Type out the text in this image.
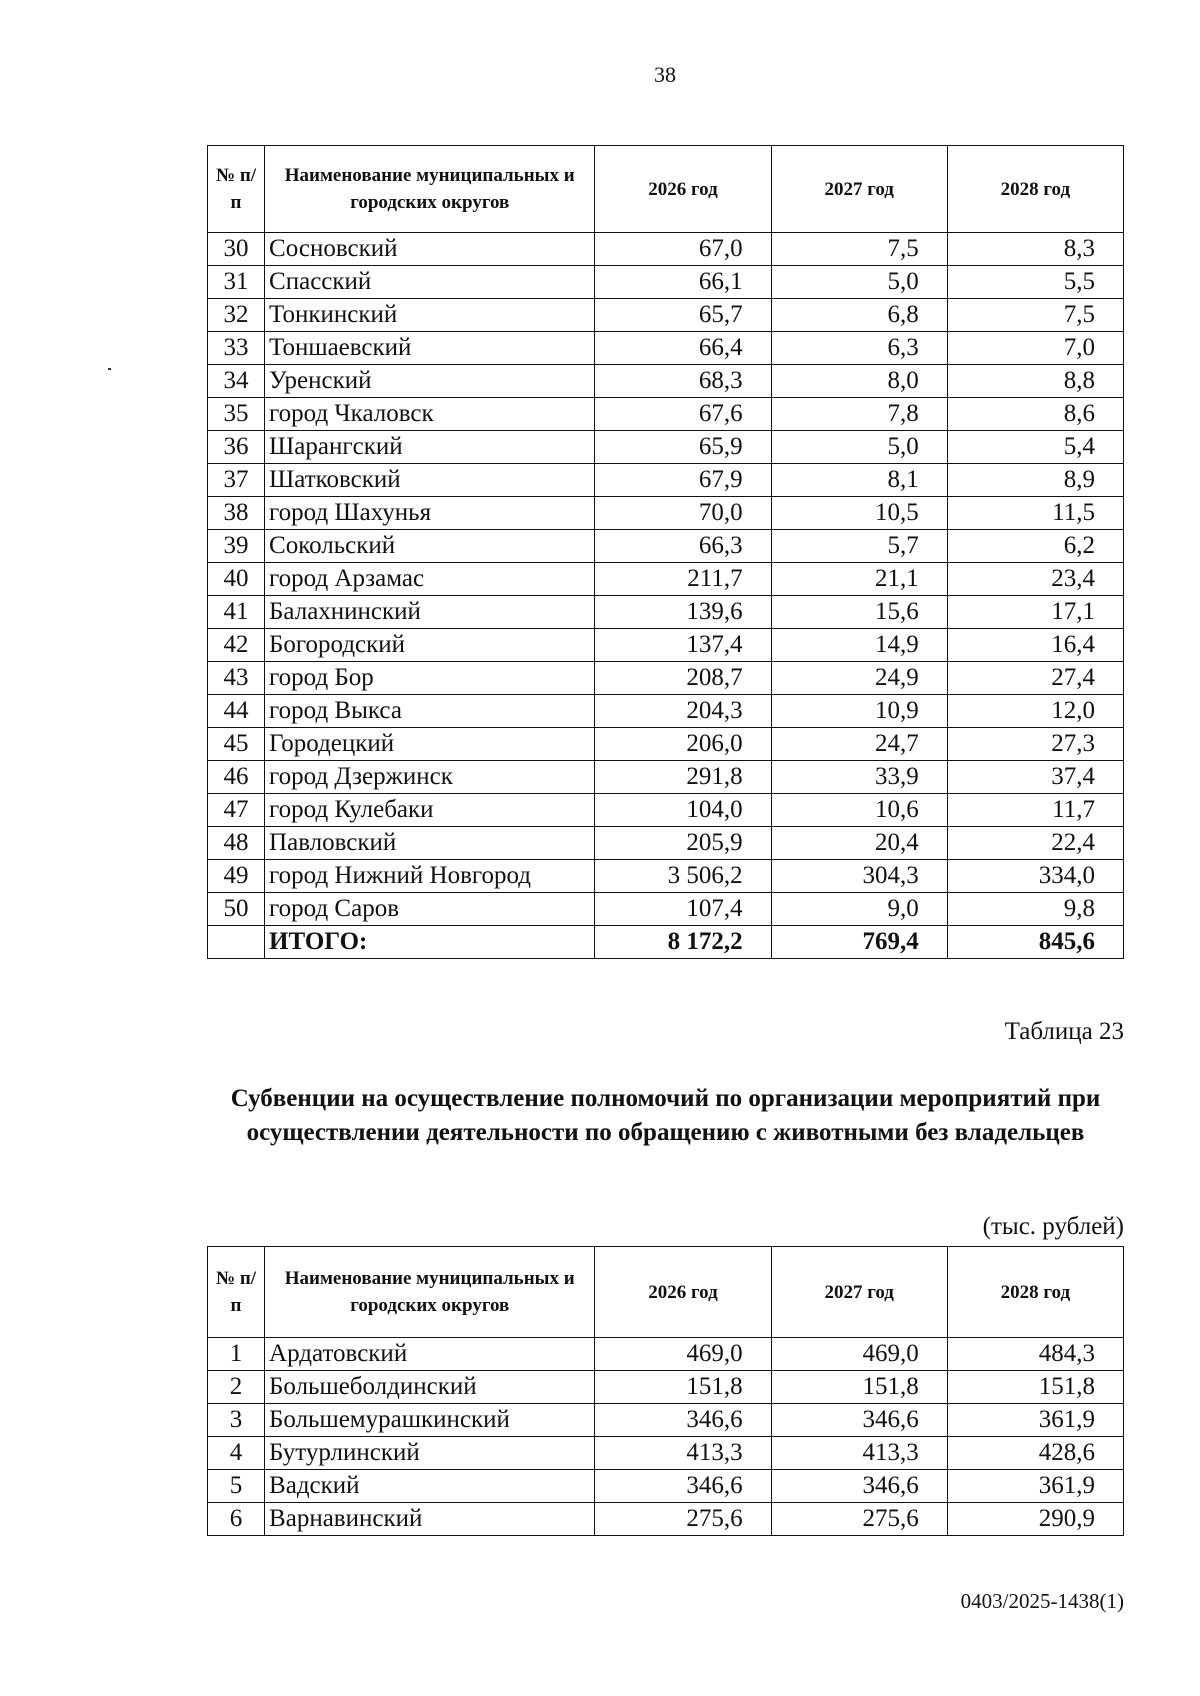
38
№ п/п	Наименование муниципальных и городских округов	2026 год	2027 год	2028 год
30	Сосновский	67,0	7,5	8,3
31	Спасский	66,1	5,0	5,5
32	Тонкинский	65,7	6,8	7,5
33	Тоншаевский	66,4	6,3	7,0
34	Уренский	68,3	8,0	8,8
35	город Чкаловск	67,6	7,8	8,6
36	Шарангский	65,9	5,0	5,4
37	Шатковский	67,9	8,1	8,9
38	город Шахунья	70,0	10,5	11,5
39	Сокольский	66,3	5,7	6,2
40	город Арзамас	211,7	21,1	23,4
41	Балахнинский	139,6	15,6	17,1
42	Богородский	137,4	14,9	16,4
43	город Бор	208,7	24,9	27,4
44	город Выкса	204,3	10,9	12,0
45	Городецкий	206,0	24,7	27,3
46	город Дзержинск	291,8	33,9	37,4
47	город Кулебаки	104,0	10,6	11,7
48	Павловский	205,9	20,4	22,4
49	город Нижний Новгород	3 506,2	304,3	334,0
50	город Саров	107,4	9,0	9,8
	ИТОГО:	8 172,2	769,4	845,6
Таблица 23
Субвенции на осуществление полномочий по организации мероприятий при осуществлении деятельности по обращению с животными без владельцев
(тыс. рублей)
№ п/п	Наименование муниципальных и городских округов	2026 год	2027 год	2028 год
1	Ардатовский	469,0	469,0	484,3
2	Большеболдинский	151,8	151,8	151,8
3	Большемурашкинский	346,6	346,6	361,9
4	Бутурлинский	413,3	413,3	428,6
5	Вадский	346,6	346,6	361,9
6	Варнавинский	275,6	275,6	290,9
0403/2025-1438(1)
